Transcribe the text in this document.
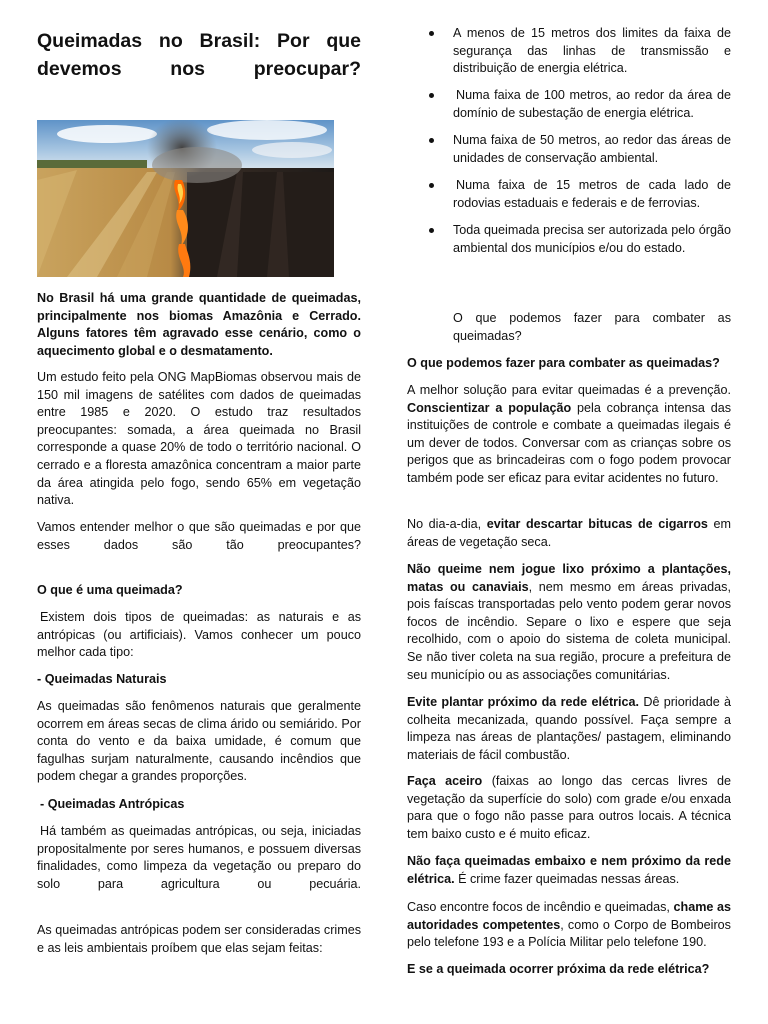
Queimadas no Brasil: Por que devemos nos preocupar?

No Brasil há uma grande quantidade de queimadas, principalmente nos biomas Amazônia e Cerrado. Alguns fatores têm agravado esse cenário, como o aquecimento global e o desmatamento.

Um estudo feito pela ONG MapBiomas observou mais de 150 mil imagens de satélites com dados de queimadas entre 1985 e 2020. O estudo traz resultados preocupantes: somada, a área queimada no Brasil corresponde a quase 20% de todo o território nacional. O cerrado e a floresta amazônica concentram a maior parte da área atingida pelo fogo, sendo 65% em vegetação nativa.

Vamos entender melhor o que são queimadas e por que esses dados são tão preocupantes?

O que é uma queimada?

Existem dois tipos de queimadas: as naturais e as antrópicas (ou artificiais). Vamos conhecer um pouco melhor cada tipo:

- Queimadas Naturais

As queimadas são fenômenos naturais que geralmente ocorrem em áreas secas de clima árido ou semiárido. Por conta do vento e da baixa umidade, é comum que fagulhas surjam naturalmente, causando incêndios que podem chegar a grandes proporções.

- Queimadas Antrópicas

Há também as queimadas antrópicas, ou seja, iniciadas propositalmente por seres humanos, e possuem diversas finalidades, como limpeza da vegetação ou preparo do solo para agricultura ou pecuária.

As queimadas antrópicas podem ser consideradas crimes e as leis ambientais proíbem que elas sejam feitas:

A menos de 15 metros dos limites da faixa de segurança das linhas de transmissão e distribuição de energia elétrica.

Numa faixa de 100 metros, ao redor da área de domínio de subestação de energia elétrica.

Numa faixa de 50 metros, ao redor das áreas de unidades de conservação ambiental.

Numa faixa de 15 metros de cada lado de rodovias estaduais e federais e de ferrovias.

Toda queimada precisa ser autorizada pelo órgão ambiental dos municípios e/ou do estado.

O que podemos fazer para combater as queimadas?

O que podemos fazer para combater as queimadas?

A melhor solução para evitar queimadas é a prevenção. Conscientizar a população pela cobrança intensa das instituições de controle e combate a queimadas ilegais é um dever de todos. Conversar com as crianças sobre os perigos que as brincadeiras com o fogo podem provocar também pode ser eficaz para evitar acidentes no futuro.

No dia-a-dia, evitar descartar bitucas de cigarros em áreas de vegetação seca.

Não queime nem jogue lixo próximo a plantações, matas ou canaviais, nem mesmo em áreas privadas, pois faíscas transportadas pelo vento podem gerar novos focos de incêndio. Separe o lixo e espere que seja recolhido, com o apoio do sistema de coleta municipal. Se não tiver coleta na sua região, procure a prefeitura de seu município ou as associações comunitárias.

Evite plantar próximo da rede elétrica. Dê prioridade à colheita mecanizada, quando possível. Faça sempre a limpeza nas áreas de plantações/ pastagem, eliminando materiais de fácil combustão.

Faça aceiro (faixas ao longo das cercas livres de vegetação da superfície do solo) com grade e/ou enxada para que o fogo não passe para outros locais. A técnica tem baixo custo e é muito eficaz.

Não faça queimadas embaixo e nem próximo da rede elétrica. É crime fazer queimadas nessas áreas.

Caso encontre focos de incêndio e queimadas, chame as autoridades competentes, como o Corpo de Bombeiros pelo telefone 193 e a Polícia Militar pelo telefone 190.

E se a queimada ocorrer próxima da rede elétrica?
